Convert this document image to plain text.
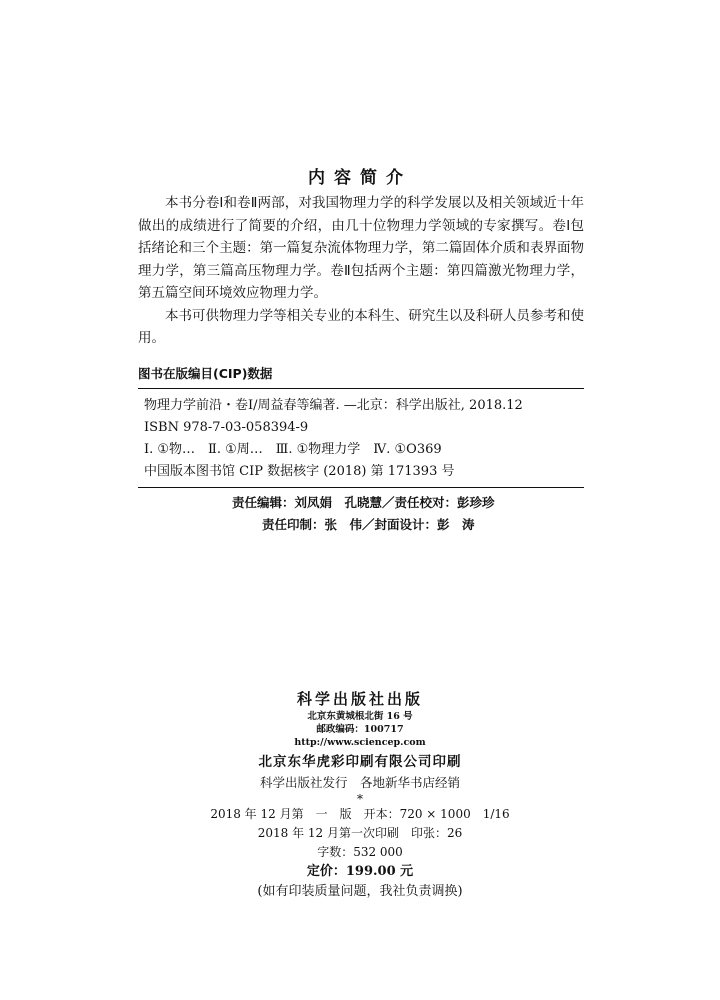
内容简介

本书分卷Ⅰ和卷Ⅱ两部，对我国物理力学的科学发展以及相关领域近十年做出的成绩进行了简要的介绍，由几十位物理力学领域的专家撰写。卷Ⅰ包括绪论和三个主题：第一篇复杂流体物理力学，第二篇固体介质和表界面物理力学，第三篇高压物理力学。卷Ⅱ包括两个主题：第四篇激光物理力学，第五篇空间环境效应物理力学。

本书可供物理力学等相关专业的本科生、研究生以及科研人员参考和使用。

图书在版编目(CIP)数据
物理力学前沿・卷Ⅰ/周益春等编著. —北京：科学出版社, 2018.12
ISBN 978-7-03-058394-9
Ⅰ. ①物…　Ⅱ. ①周…　Ⅲ. ①物理力学　Ⅳ. ①O369
中国版本图书馆 CIP 数据核字 (2018) 第 171393 号
责任编辑：刘凤娟　孔晓慧／责任校对：彭珍珍
责任印制：张　伟／封面设计：彭　涛
科学出版社出版
北京东黄城根北街 16 号
邮政编码：100717
http://www.sciencep.com
北京东华虎彩印刷有限公司印刷
科学出版社发行　各地新华书店经销
*
2018 年 12 月第　一　版　开本：720 × 1000　1/16
2018 年 12 月第一次印刷　印张：26
字数：532 000
定价：199.00 元
(如有印装质量问题，我社负责调换)
